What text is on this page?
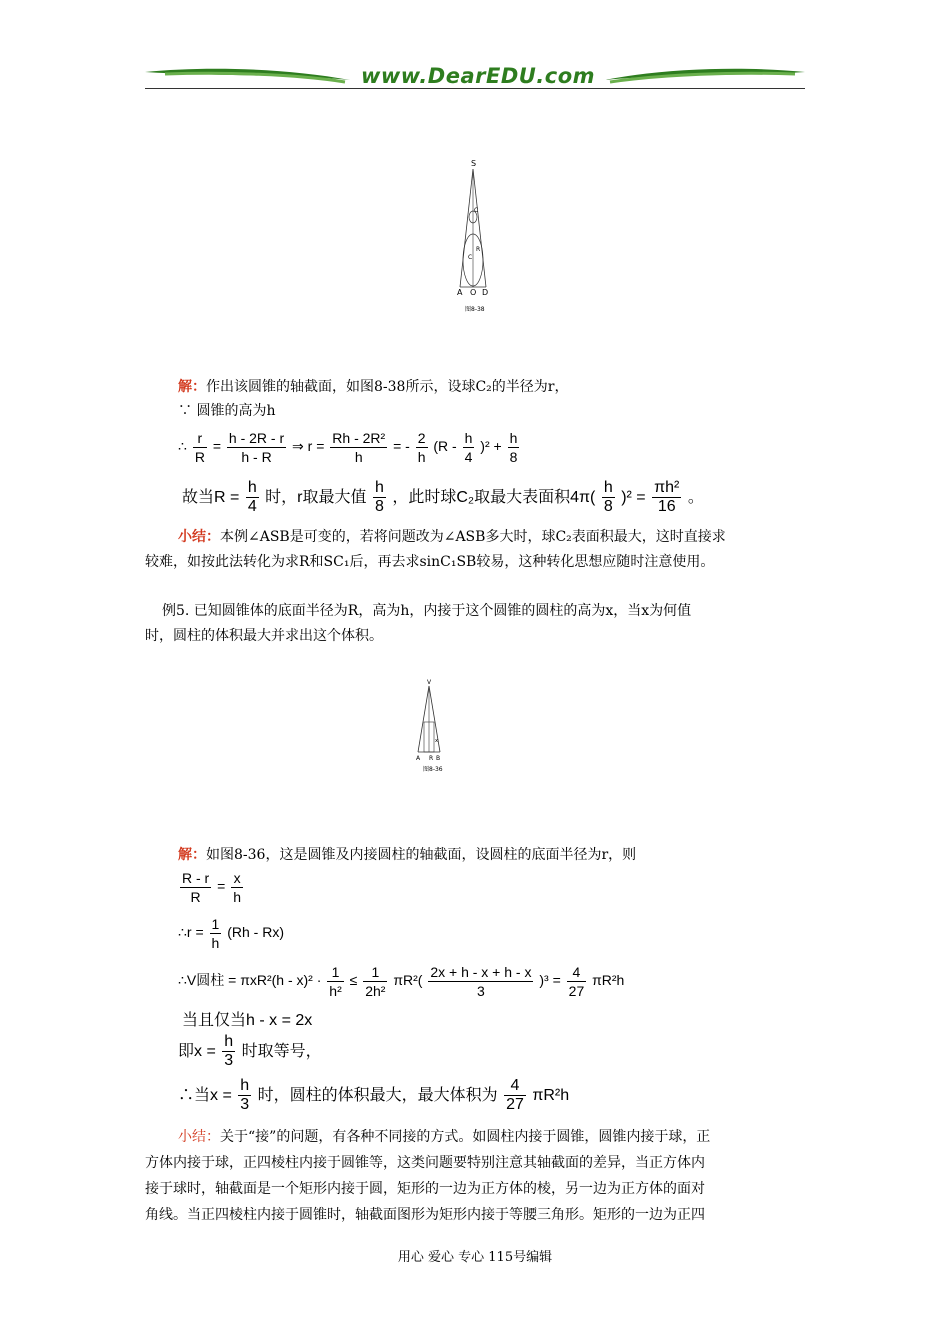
www.DearEDU.com
S
C
R
C
A O D
图8-38
解：作出该圆锥的轴截面，如图8-38所示，设球C₂的半径为r，
∵ 圆锥的高为h
∴ $\frac{r}{R} = \frac{h - 2R - r}{h - R}$ ⇒ $r = \frac{\text{Rh - 2R²}}{h}$ = - $\frac{2}{h} (R - \frac{h}{4} )^2 + \frac{h}{8}$
故当$R = \frac{h}{4}$ 时，r取最大值 $\frac{h}{8}$ ，此时球C₂取最大表面积$4\pi( \frac{h}{8} )^2 = \frac{\text{πh²}}{16}$ 。
小结：本例∠ASB是可变的，若将问题改为∠ASB多大时，球C₂表面积最大，这时直接求
较难，如按此法转化为求R和SC₁后，再去求sinC₁SB较易，这种转化思想应随时注意使用。
例5. 已知圆锥体的底面半径为R，高为h，内接于这个圆锥的圆柱的高为x，当x为何值
时，圆柱的体积最大并求出这个体积。
V
x
A R B
图8-36
解：如图8-36，这是圆锥及内接圆柱的轴截面，设圆柱的底面半径为r，则
$\frac{R - r}{R} = \frac{x}{h}$
∴r = $\frac{1}{h} (Rh - Rx)$
∴V圆柱 = $\pi xR^2(h - x)^2 \cdot \frac{1}{\text{h²}} \le \frac{1}{\text{2h²}} \pi R^2( \frac{2x + h - x + h - x}{3} )^3 = \frac{4}{27} \pi R^2h$
当且仅当h - x = 2x
即$x = \frac{h}{3}$ 时取等号，
∴当$x = \frac{h}{3}$ 时，圆柱的体积最大，最大体积为 $\frac{4}{27} \pi R^2h$
小结：关于“接”的问题，有各种不同接的方式。如圆柱内接于圆锥，圆锥内接于球，正
方体内接于球，正四棱柱内接于圆锥等，这类问题要特别注意其轴截面的差异，当正方体内
接于球时，轴截面是一个矩形内接于圆，矩形的一边为正方体的棱，另一边为正方体的面对
角线。当正四棱柱内接于圆锥时，轴截面图形为矩形内接于等腰三角形。矩形的一边为正四
用心 爱心 专心 115号编辑
